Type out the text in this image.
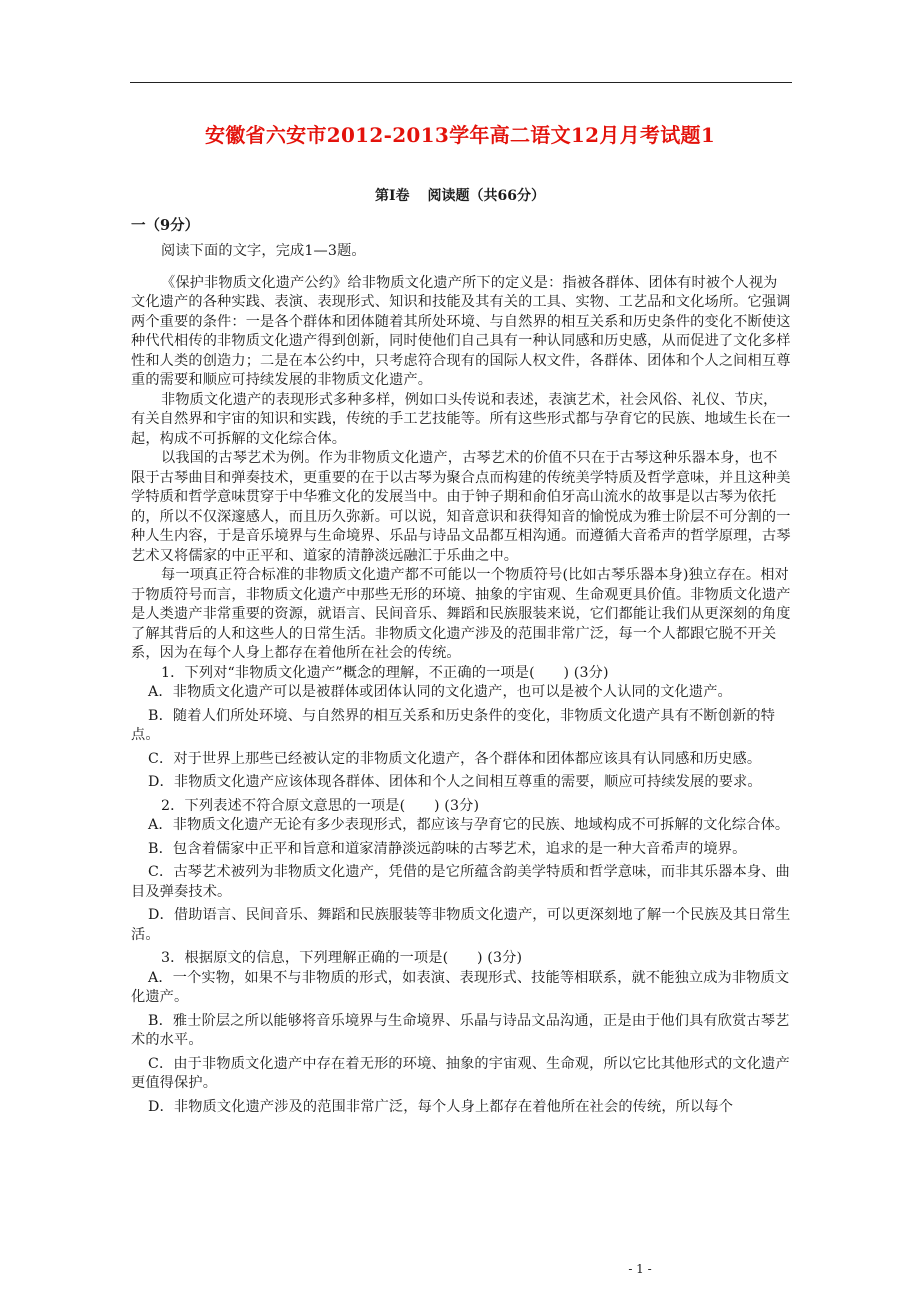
安徽省六安市2012-2013学年高二语文12月月考试题1
第Ⅰ卷 阅读题（共66分）
一（9分）

阅读下面的文字，完成1—3题。

《保护非物质文化遗产公约》给非物质文化遗产所下的定义是：指被各群体、团体有时被个人视为文化遗产的各种实践、表演、表现形式、知识和技能及其有关的工具、实物、工艺品和文化场所。它强调两个重要的条件：一是各个群体和团体随着其所处环境、与自然界的相互关系和历史条件的变化不断使这种代代相传的非物质文化遗产得到创新，同时使他们自己具有一种认同感和历史感，从而促进了文化多样性和人类的创造力；二是在本公约中，只考虑符合现有的国际人权文件，各群体、团体和个人之间相互尊重的需要和顺应可持续发展的非物质文化遗产。

非物质文化遗产的表现形式多种多样，例如口头传说和表述，表演艺术，社会风俗、礼仪、节庆，有关自然界和宇宙的知识和实践，传统的手工艺技能等。所有这些形式都与孕育它的民族、地域生长在一起，构成不可拆解的文化综合体。

以我国的古琴艺术为例。作为非物质文化遗产，古琴艺术的价值不只在于古琴这种乐器本身，也不限于古琴曲目和弹奏技术，更重要的在于以古琴为聚合点而构建的传统美学特质及哲学意味，并且这种美学特质和哲学意味贯穿于中华雅文化的发展当中。由于钟子期和俞伯牙高山流水的故事是以古琴为依托的，所以不仅深邃感人，而且历久弥新。可以说，知音意识和获得知音的愉悦成为雅士阶层不可分割的一种人生内容，于是音乐境界与生命境界、乐品与诗品文品都互相沟通。而遵循大音希声的哲学原理，古琴艺术又将儒家的中正平和、道家的清静淡远融汇于乐曲之中。

每一项真正符合标准的非物质文化遗产都不可能以一个物质符号(比如古琴乐器本身)独立存在。相对于物质符号而言，非物质文化遗产中那些无形的环境、抽象的宇宙观、生命观更具价值。非物质文化遗产是人类遗产非常重要的资源，就语言、民间音乐、舞蹈和民族服装来说，它们都能让我们从更深刻的角度了解其背后的人和这些人的日常生活。非物质文化遗产涉及的范围非常广泛，每一个人都跟它脱不开关系，因为在每个人身上都存在着他所在社会的传统。

1．下列对“非物质文化遗产”概念的理解，不正确的一项是(　　) (3分)

A．非物质文化遗产可以是被群体或团体认同的文化遗产，也可以是被个人认同的文化遗产。

B．随着人们所处环境、与自然界的相互关系和历史条件的变化，非物质文化遗产具有不断创新的特点。

C．对于世界上那些已经被认定的非物质文化遗产，各个群体和团体都应该具有认同感和历史感。

D．非物质文化遗产应该体现各群体、团体和个人之间相互尊重的需要，顺应可持续发展的要求。

2．下列表述不符合原文意思的一项是(　　) (3分)

A．非物质文化遗产无论有多少表现形式，都应该与孕育它的民族、地域构成不可拆解的文化综合体。

B．包含着儒家中正平和旨意和道家清静淡远韵味的古琴艺术，追求的是一种大音希声的境界。

C．古琴艺术被列为非物质文化遗产，凭借的是它所蕴含韵美学特质和哲学意味，而非其乐器本身、曲目及弹奏技术。

D．借助语言、民间音乐、舞蹈和民族服装等非物质文化遗产，可以更深刻地了解一个民族及其日常生活。

3．根据原文的信息，下列理解正确的一项是(　　) (3分)

A．一个实物，如果不与非物质的形式，如表演、表现形式、技能等相联系，就不能独立成为非物质文化遗产。

B．雅士阶层之所以能够将音乐境界与生命境界、乐晶与诗品文品沟通，正是由于他们具有欣赏古琴艺术的水平。

C．由于非物质文化遗产中存在着无形的环境、抽象的宇宙观、生命观，所以它比其他形式的文化遗产更值得保护。

D．非物质文化遗产涉及的范围非常广泛，每个人身上都存在着他所在社会的传统，所以每个

- 1 -
